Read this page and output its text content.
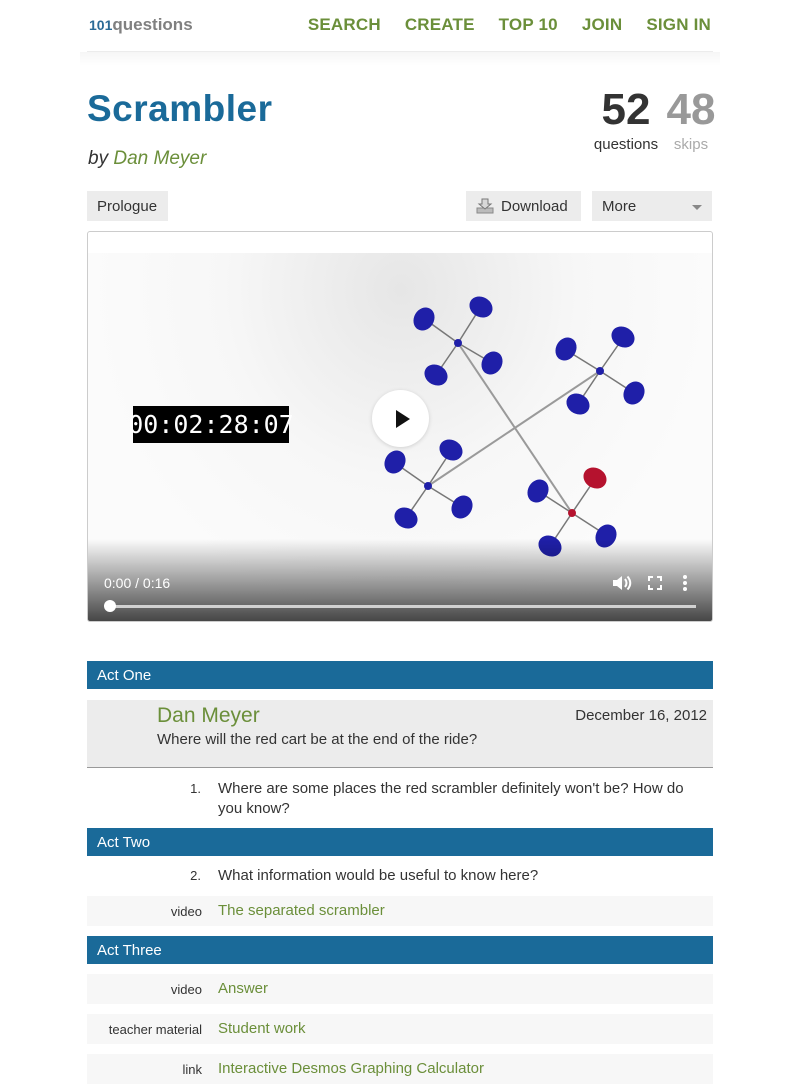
101questions	SEARCH CREATE TOP 10 JOIN SIGN IN
Scrambler
by Dan Meyer
52
questions
48
skips
Prologue	Download More
00:02:28:07
0:00 / 0:16
Act One
Dan Meyer	December 16, 2012
Where will the red cart be at the end of the ride?
1. Where are some places the red scrambler definitely won't be? How do you know?
Act Two
2. What information would be useful to know here?
video The separated scrambler
Act Three
video Answer
teacher material Student work
link Interactive Desmos Graphing Calculator
